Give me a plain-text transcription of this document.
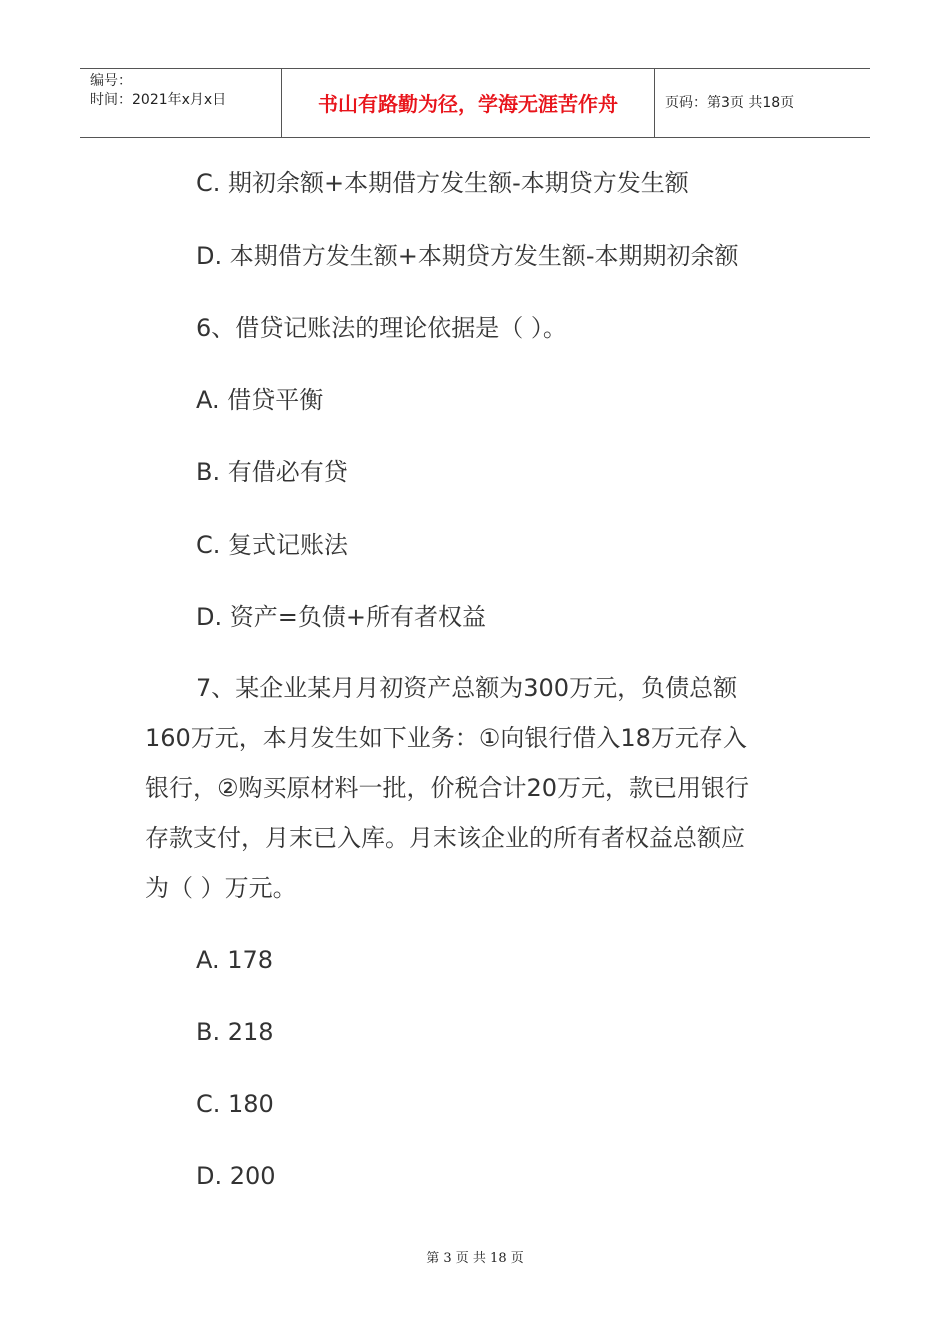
编号：
时间：2021年x月x日	书山有路勤为径，学海无涯苦作舟	页码：第3页 共18页
C. 期初余额+本期借方发生额-本期贷方发生额
D. 本期借方发生额+本期贷方发生额-本期期初余额
6、借贷记账法的理论依据是（ ）。
A. 借贷平衡
B. 有借必有贷
C. 复式记账法
D. 资产=负债+所有者权益
7、某企业某月月初资产总额为300万元，负债总额
160万元，本月发生如下业务：①向银行借入18万元存入
银行，②购买原材料一批，价税合计20万元，款已用银行
存款支付，月末已入库。月末该企业的所有者权益总额应
为（ ）万元。
A. 178
B. 218
C. 180
D. 200
第 3 页 共 18 页
